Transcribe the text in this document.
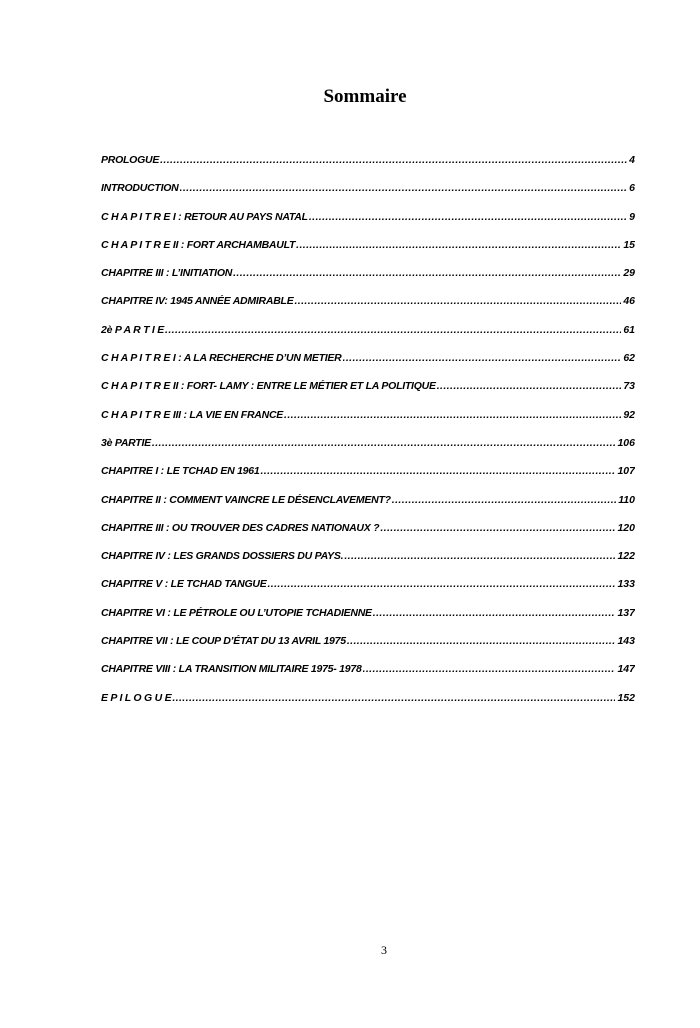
Sommaire
PROLOGUE .....	4
INTRODUCTION .....	6
C H A P I T R E I : RETOUR AU PAYS NATAL .....	9
C H A P I T R E II : FORT ARCHAMBAULT .....	15
CHAPITRE III : L’INITIATION .....	29
CHAPITRE IV: 1945 ANNÉE ADMIRABLE .....	46
2è P A R T I E .....	61
C H A P I T R E I : A LA RECHERCHE D’UN METIER .....	62
C H A P I T R E II : FORT- LAMY : ENTRE LE MÉTIER ET LA POLITIQUE .....	73
C H A P I T R E III : LA VIE EN FRANCE .....	92
3è PARTIE .....	106
CHAPITRE I : LE TCHAD EN 1961 .....	107
CHAPITRE II : COMMENT VAINCRE LE DÉSENCLAVEMENT? .....	110
CHAPITRE III : OU TROUVER DES CADRES NATIONAUX ? .....	120
CHAPITRE IV : LES GRANDS DOSSIERS DU PAYS. .....	122
CHAPITRE V : LE TCHAD TANGUE .....	133
CHAPITRE VI : LE PÉTROLE OU L’UTOPIE TCHADIENNE .....	137
CHAPITRE VII : LE COUP D’ÉTAT DU 13 AVRIL 1975 .....	143
CHAPITRE VIII : LA TRANSITION MILITAIRE 1975- 1978 .....	147
E P I L O G U E .....	152

3
